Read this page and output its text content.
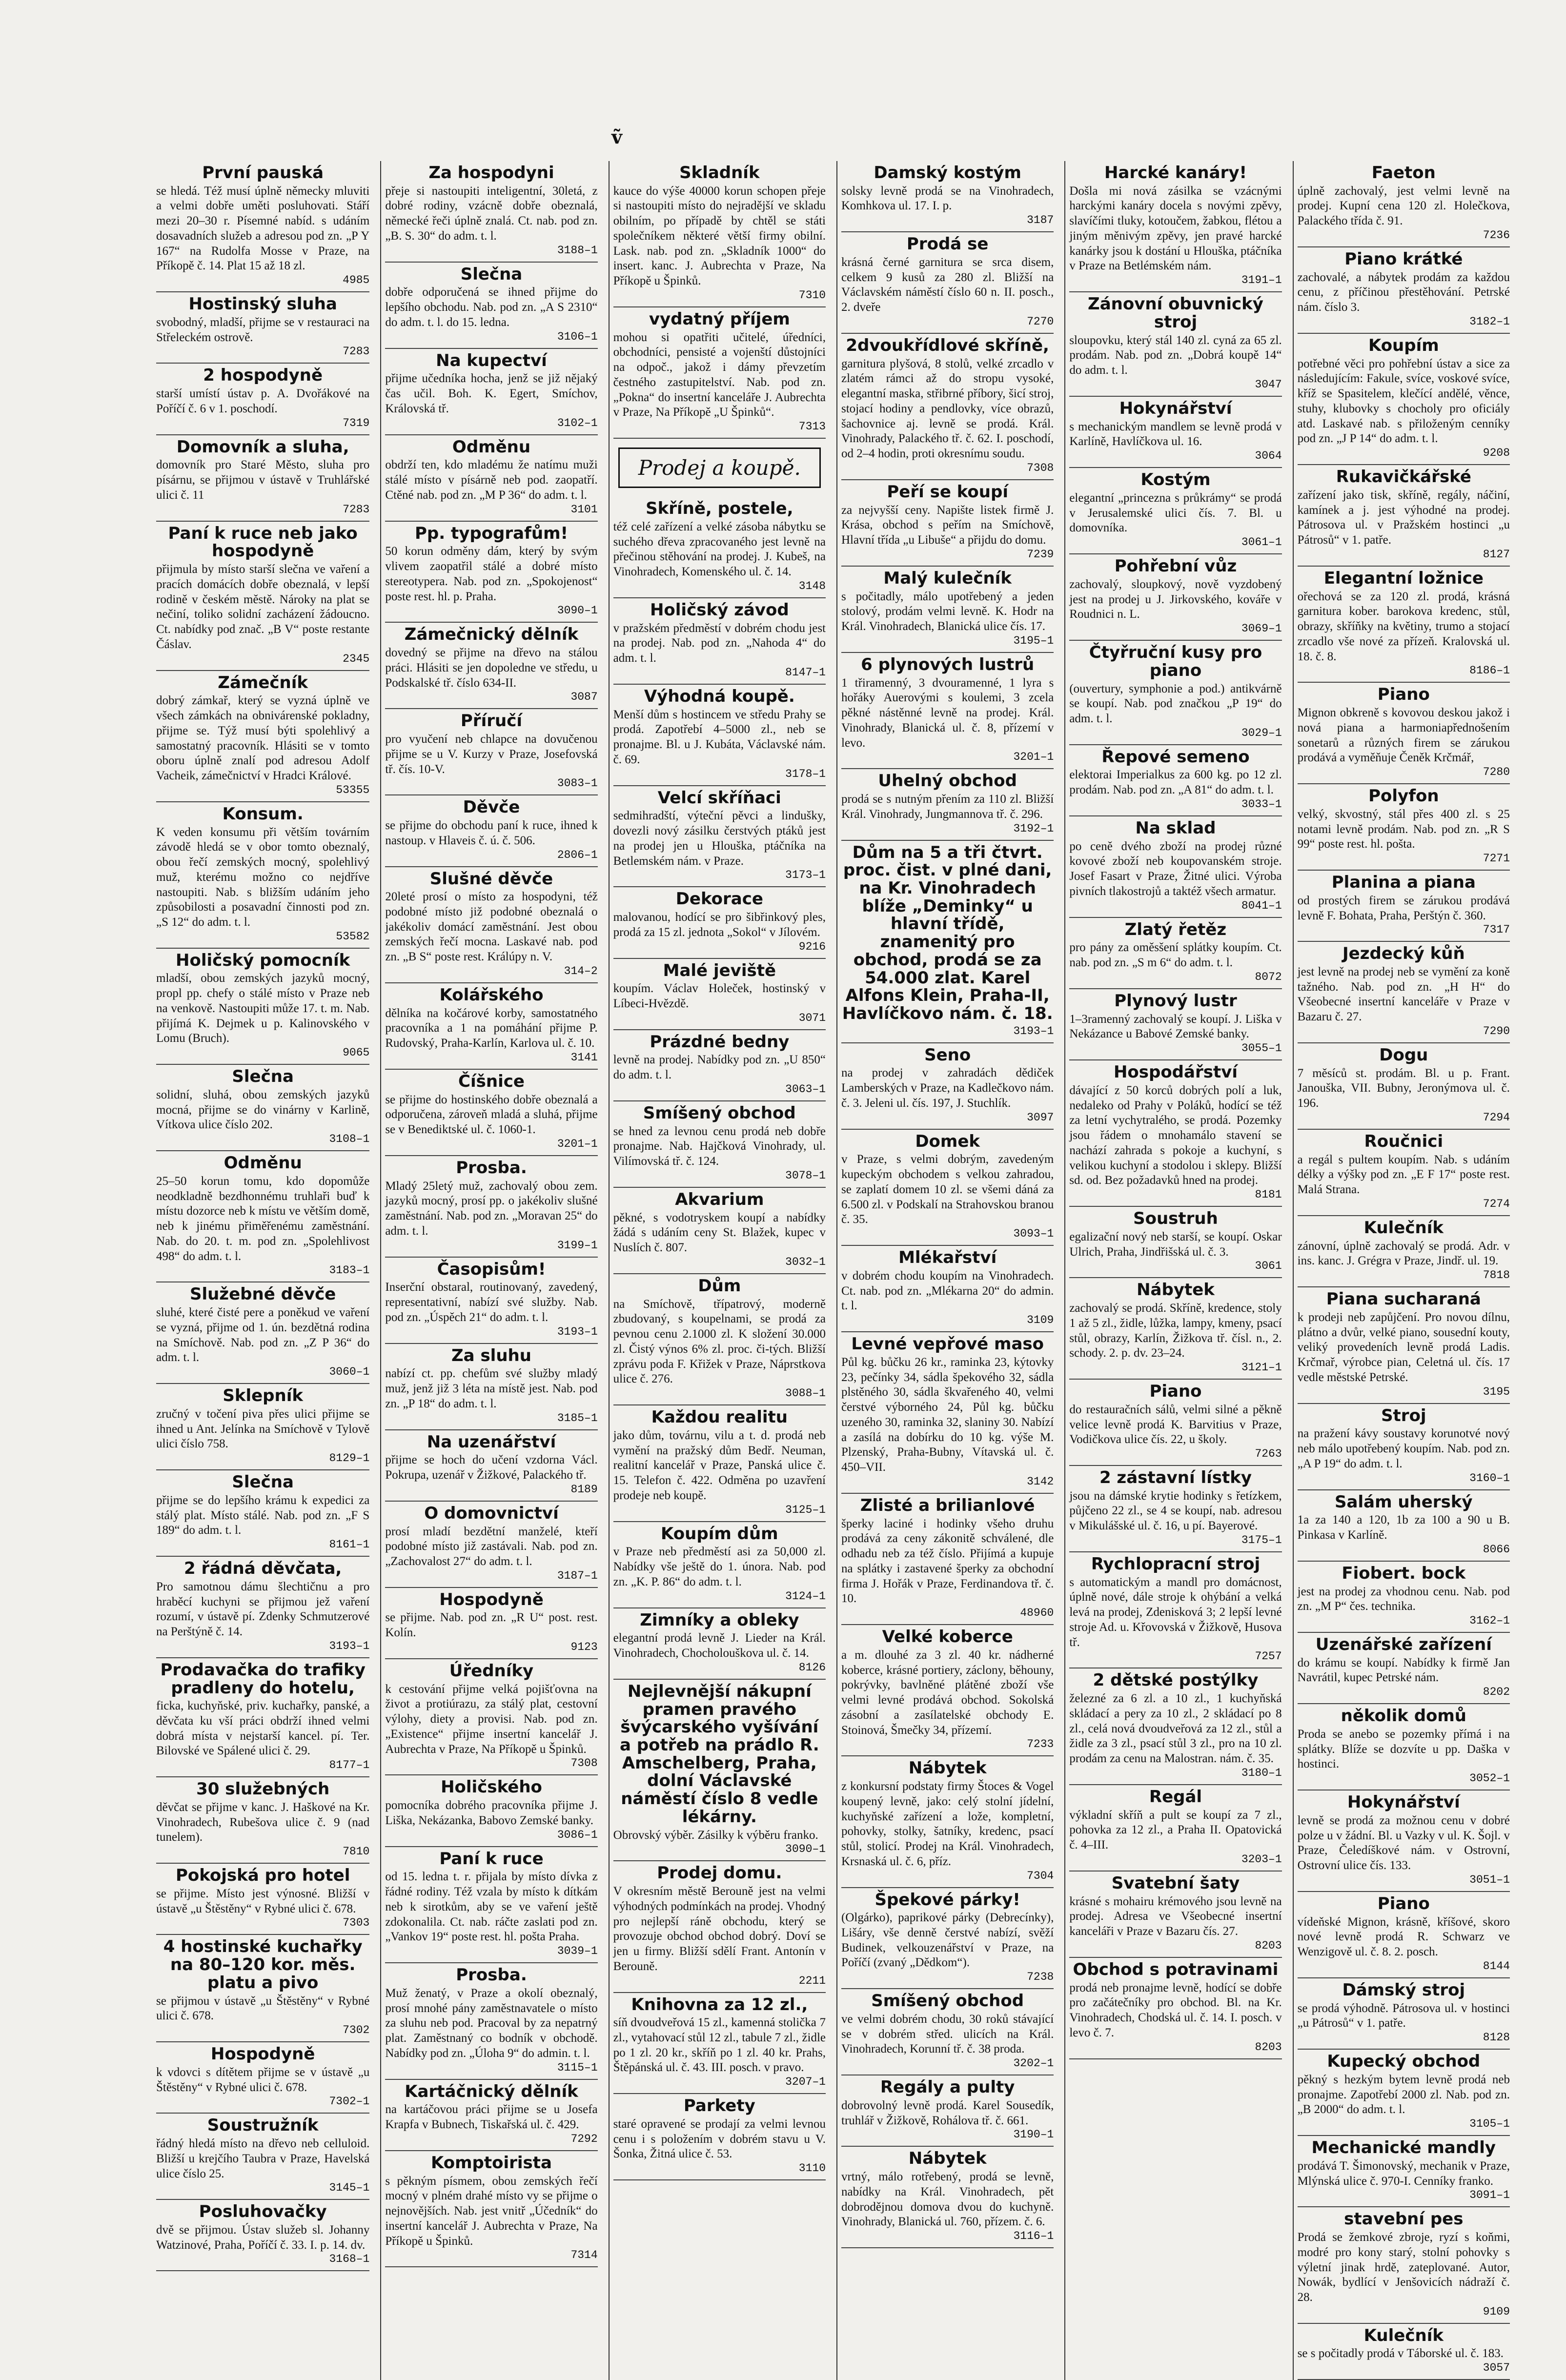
ṽ
První pauská

se hledá. Též musí úplně německy mluviti a velmi dobře uměti posluhovati. Stáří mezi 20–30 r. Písemné nabíd. s udáním dosavadních služeb a adresou pod zn. „P Y 167“ na Rudolfa Mosse v Praze, na Příkopě č. 14. Plat 15 až 18 zl.

4985
Hostinský sluha

svobodný, mladší, přijme se v restauraci na Střeleckém ostrově.

7283
2 hospodyně

starší umístí ústav p. A. Dvořákové na Poříčí č. 6 v 1. poschodí.

7319
Domovník a sluha,

domovník pro Staré Město, sluha pro písárnu, se přijmou v ústavě v Truhlářské ulici č. 11

7283
Paní k ruce neb jako hospodyně

přijmula by místo starší slečna ve vaření a pracích domácích dobře obeznalá, v lepší rodině v českém městě. Nároky na plat se nečiní, toliko solidní zacházení žádoucno. Ct. nabídky pod znač. „B V“ poste restante Čáslav.

2345
Zámečník

dobrý zámkař, který se vyzná úplně ve všech zámkách na obnivárenské pokladny, přijme se. Týž musí býti spolehlivý a samostatný pracovník. Hlásiti se v tomto oboru úplně znalí pod adresou Adolf Vacheik, zámečnictví v Hradci Králové.

53355
Konsum.

K veden konsumu při větším továrním závodě hledá se v obor tomto obeznalý, obou řečí zemských mocný, spolehlivý muž, kterému možno co nejdříve nastoupiti. Nab. s bližším udáním jeho způsobilosti a posavadní činnosti pod zn. „S 12“ do adm. t. l.

53582
Holičský pomocník

mladší, obou zemských jazyků mocný, propl pp. chefy o stálé místo v Praze neb na venkově. Nastoupiti může 17. t. m. Nab. přijímá K. Dejmek u p. Kalinovského v Lomu (Bruch).

9065
Slečna

solidní, sluhá, obou zemských jazyků mocná, přijme se do vinárny v Karlině, Vítkova ulice číslo 202.

3108–1
Odměnu

25–50 korun tomu, kdo dopomůže neodkladně bezdhonnému truhlaři buď k místu dozorce neb k místu ve větším domě, neb k jinému přiměřenému zaměstnání. Nab. do 20. t. m. pod zn. „Spolehlivost 498“ do adm. t. l.

3183–1
Služebné děvče

sluhé, které čisté pere a poněkud ve vaření se vyzná, přijme od 1. ún. bezdětná rodina na Smíchově. Nab. pod zn. „Z P 36“ do adm. t. l.

3060–1
Sklepník

zručný v točení piva přes ulici přijme se ihned u Ant. Jelínka na Smíchově v Tylově ulici číslo 758.

8129–1
Slečna

přijme se do lepšího krámu k expedici za stálý plat. Místo stálé. Nab. pod zn. „F S 189“ do adm. t. l.

8161–1
2 řádná děvčata,

Pro samotnou dámu šlechtičnu a pro hraběcí kuchyni se přijmou jež vaření rozumí, v ústavě pí. Zdenky Schmutzerové na Perštýně č. 14.

3193–1
Prodavačka do trafiky pradleny do hotelu,

ficka, kuchyňské, priv. kuchařky, panské, a děvčata ku vší práci obdrží ihned velmi dobrá místa v nejstarší kancel. pí. Ter. Bilovské ve Spálené ulici č. 29.

8177–1
30 služebných

děvčat se přijme v kanc. J. Haškové na Kr. Vinohradech, Rubešova ulice č. 9 (nad tunelem).

7810
Pokojská pro hotel

se přijme. Místo jest výnosné. Bližší v ústavě „u Štěstěny“ v Rybné ulici č. 678.

7303
4 hostinské kuchařky na 80–120 kor. měs. platu a pivo

se přijmou v ústavě „u Štěstěny“ v Rybné ulici č. 678.

7302
Hospodyně

k vdovci s dítětem přijme se v ústavě „u Štěstěny“ v Rybné ulici č. 678.

7302–1
Soustružník

řádný hledá místo na dřevo neb celluloid. Bližší u krejčího Taubra v Praze, Havelská ulice číslo 25.

3145–1
Posluhovačky

dvě se přijmou. Ústav služeb sl. Johanny Watzinové, Praha, Poříčí č. 33. I. p. 14. dv.

3168–1
Za hospodyni

přeje si nastoupiti inteligentní, 30letá, z dobré rodiny, vzácně dobře obeznalá, německé řeči úplně znalá. Ct. nab. pod zn. „B. S. 30“ do adm. t. l.

3188–1
Slečna

dobře odporučená se ihned přijme do lepšího obchodu. Nab. pod zn. „A S 2310“ do adm. t. l. do 15. ledna.

3106–1
Na kupectví

přijme učedníka hocha, jenž se již nějaký čas učil. Boh. K. Egert, Smíchov, Královská tř.

3102–1
Odměnu

obdrží ten, kdo mladému že natímu muži stálé místo v písárně neb pod. zaopatří. Ctěné nab. pod zn. „M P 36“ do adm. t. l.

3101
Pp. typografům!

50 korun odměny dám, který by svým vlivem zaopatřil stálé a dobré místo stereotypera. Nab. pod zn. „Spokojenost“ poste rest. hl. p. Praha.

3090–1
Zámečnický dělník

dovedný se přijme na dřevo na stálou práci. Hlásiti se jen dopoledne ve středu, u Podskalské tř. číslo 634-II.

3087
Příručí

pro vyučení neb chlapce na dovučenou přijme se u V. Kurzy v Praze, Josefovská tř. čís. 10-V.

3083–1
Děvče

se přijme do obchodu paní k ruce, ihned k nastoup. v Hlaveis č. ú. č. 506.

2806–1
Slušné děvče

20leté prosí o místo za hospodyni, též podobné místo již podobné obeznalá o jakékoliv domácí zaměstnání. Jest obou zemských řečí mocna. Laskavé nab. pod zn. „B S“ poste rest. Králúpy n. V.

314–2
Kolářského

dělníka na kočárové korby, samostatného pracovníka a 1 na pomáhání přijme P. Rudovský, Praha-Karlín, Karlova ul. č. 10.

3141
Číšnice

se přijme do hostinského dobře obeznalá a odporučena, zároveň mladá a sluhá, přijme se v Benediktské ul. č. 1060-1.

3201–1
Prosba.

Mladý 25letý muž, zachovalý obou zem. jazyků mocný, prosí pp. o jakékoliv slušné zaměstnání. Nab. pod zn. „Moravan 25“ do adm. t. l.

3199–1
Časopisům!

Inserční obstaral, routinovaný, zavedený, representativní, nabízí své služby. Nab. pod zn. „Úspěch 21“ do adm. t. l.

3193–1
Za sluhu

nabízí ct. pp. chefům své služby mladý muž, jenž již 3 léta na místě jest. Nab. pod zn. „P 18“ do adm. t. l.

3185–1
Na uzenářství

přijme se hoch do učení vzdorna Václ. Pokrupa, uzenář v Žižkové, Palackého tř.

8189
O domovnictví

prosí mladí bezdětní manželé, kteří podobné místo již zastávali. Nab. pod zn. „Zachovalost 27“ do adm. t. l.

3187–1
Hospodyně

se přijme. Nab. pod zn. „R U“ post. rest. Kolín.

9123
Úředníky

k cestování přijme velká pojišťovna na život a protiúrazu, za stálý plat, cestovní výlohy, diety a provisi. Nab. pod zn. „Existence“ přijme insertní kancelář J. Aubrechta v Praze, Na Příkopě u Špinků.

7308
Holičského

pomocníka dobrého pracovníka přijme J. Liška, Nekázanka, Babovo Zemské banky.

3086–1
Paní k ruce

od 15. ledna t. r. přijala by místo dívka z řádné rodiny. Též vzala by místo k dítkám neb k sirotkům, aby se ve vaření ještě zdokonalila. Ct. nab. ráčte zaslati pod zn. „Vankov 19“ poste rest. hl. pošta Praha.

3039–1
Prosba.

Muž ženatý, v Praze a okolí obeznalý, prosí mnohé pány zaměstnavatele o místo za sluhu neb pod. Pracoval by za nepatrný plat. Zaměstnaný co bodník v obchodě. Nabídky pod zn. „Úloha 9“ do admin. t. l.

3115–1
Kartáčnický dělník

na kartáčovou práci přijme se u Josefa Krapfa v Bubnech, Tiskařská ul. č. 429.

7292
Komptoiristа

s pěkným písmem, obou zemských řečí mocný v plném drahé místo vy se přijme o nejnovějších. Nab. jest vnitř „Účedník“ do insertní kancelář J. Aubrechta v Praze, Na Příkopě u Špinků.

7314
Skladník

kauce do výše 40000 korun schopen přeje si nastoupiti místo do nejradější ve skladu obilním, po případě by chtěl se státi společníkem některé větší firmy obilní. Lask. nab. pod zn. „Skladník 1000“ do insert. kanc. J. Aubrechta v Praze, Na Příkopě u Špinků.

7310
vydatný příjem

mohou si opatřiti učitelé, úředníci, obchodníci, pensisté a vojenští důstojníci na odpoč., jakož i dámy převzetím čestného zastupitelství. Nab. pod zn. „Pokna“ do insertní kanceláře J. Aubrechta v Praze, Na Příkopě „U Špinků“.

7313
Prodej a koupě.
Skříně, postele,

též celé zařízení a velké zásoba nábytku se suchého dřeva zpracovaného jest levně na přečinou stěhování na prodej. J. Kubeš, na Vinohradech, Komenského ul. č. 14.

3148
Holičský závod

v pražském předměstí v dobrém chodu jest na prodej. Nab. pod zn. „Nahoda 4“ do adm. t. l.

8147–1
Výhodná koupě.

Menší dům s hostincem ve středu Prahy se prodá. Zapotřebí 4–5000 zl., neb se pronajme. Bl. u J. Kubáta, Václavské nám. č. 69.

3178–1
Velcí skříňaci

sedmihradští, výteční pěvci a lindušky, dovezli nový zásilku čerstvých ptáků jest na prodej jen u Hlouška, ptáčníka na Betlemském nám. v Praze.

3173–1
Dekorace

malovanou, hodící se pro šibřinkový ples, prodá za 15 zl. jednota „Sokol“ v Jílovém.

9216
Malé jeviště

koupím. Václav Holeček, hostinský v Líbeci-Hvězdě.

3071
Prázdné bedny

levně na prodej. Nabídky pod zn. „U 850“ do adm. t. l.

3063–1
Smíšený obchod

se hned za levnou cenu prodá neb dobře pronajme. Nab. Hajčková Vinohrady, ul. Vilímovská tř. č. 124.

3078–1
Akvarium

pěkné, s vodotryskem koupí a nabídky žádá s udáním ceny St. Blažek, kupec v Nuslích č. 807.

3032–1
Dům

na Smíchově, třípatrový, moderně zbudovaný, s koupelnami, se prodá za pevnou cenu 2.1000 zl. K složení 30.000 zl. Čistý výnos 6% zl. proc. či-tých. Bližší zprávu poda F. Křižek v Praze, Náprstkova ulice č. 276.

3088–1
Každou realitu

jako dům, továrnu, vilu a t. d. prodá neb vymění na pražský dům Bedř. Neuman, realitní kancelář v Praze, Panská ulice č. 15. Telefon č. 422. Odměna po uzavření prodeje neb koupě.

3125–1
Koupím dům

v Praze neb předměstí asi za 50,000 zl. Nabídky vše ještě do 1. února. Nab. pod zn. „K. P. 86“ do adm. t. l.

3124–1
Zimníky a obleky

elegantní prodá levně J. Lieder na Král. Vinohradech, Chocholouškova ul. č. 14.

8126
Nejlevnější nákupní pramen pravého švýcarského vyšívání a potřeb na prádlo R. Amschelberg, Praha, dolní Václavské náměstí číslo 8 vedle lékárny.

Obrovský výběr. Zásilky k výběru franko.

3090–1
Prodej domu.

V okresním městě Berouně jest na velmi výhodných podmínkách na prodej. Vhodný pro nejlepší ráně obchodu, který se provozuje obchod obchod dobrý. Doví se jen u firmy. Bližší sdělí Frant. Antonín v Berouně.

2211
Knihovna za 12 zl.,

síň dvoudveřová 15 zl., kamenná stolička 7 zl., vytahovací stůl 12 zl., tabule 7 zl., židle po 1 zl. 20 kr., skříň po 1 zl. 40 kr. Prahs, Štěpánská ul. č. 43. III. posch. v pravo.

3207–1
Parkety

staré opravené se prodají za velmi levnou cenu i s položením v dobrém stavu u V. Šonka, Žitná ulice č. 53.

3110
Damský kostým

solsky levně prodá se na Vinohradech, Komhkova ul. 17. I. p.

3187
Prodá se

krásná černé garnitura se srca disem, celkem 9 kusů za 280 zl. Bližší na Václavském náměstí číslo 60 n. II. posch., 2. dveře

7270
2dvoukřídlové skříně,

garnitura plyšová, 8 stolů, velké zrcadlo v zlatém rámci až do stropu vysoké, elegantní maska, střibrné příbory, šicí stroj, stojací hodiny a pendlovky, více obrazů, šachovnice aj. levně se prodá. Král. Vinohrady, Palackého tř. č. 62. I. poschodí, od 2–4 hodin, proti okresnímu soudu.

7308
Peří se koupí

za nejvyšší ceny. Napište listek firmě J. Krása, obchod s peřím na Smíchově, Hlavní třída „u Libuše“ a přijdu do domu.

7239
Malý kulečník

s počitadly, málo upotřebený a jeden stolový, prodám velmi levně. K. Hodr na Král. Vinohradech, Blanická ulice čís. 17.

3195–1
6 plynových lustrů

1 třiramenný, 3 dvouramenné, 1 lyra s hořáky Auerovými s koulemi, 3 zcela pěkné nástěnné levně na prodej. Král. Vinohrady, Blanická ul. č. 8, přízemí v levo.

3201–1
Uhelný obchod

prodá se s nutným přením za 110 zl. Bližší Král. Vinohrady, Jungmannova tř. č. 296.

3192–1
Dům na 5 a tři čtvrt. proc. čist. v plné dani, na Kr. Vinohradech blíže „Deminky“ u hlavní třídě, znamenitý pro obchod, prodá se za 54.000 zlat. Karel Alfons Klein, Praha-II, Havlíčkovo nám. č. 18.
3193–1
Seno

na prodej v zahradách dědiček Lamberských v Praze, na Kadlečkovo nám. č. 3. Jeleni ul. čís. 197, J. Stuchlík.

3097
Domek

v Praze, s velmi dobrým, zavedeným kupeckým obchodem s velkou zahradou, se zaplatí domem 10 zl. se všemi dáná za 6.500 zl. v Podskalí na Strahovskou branou č. 35.

3093–1
Mlékařství

v dobrém chodu koupím na Vinohradech. Ct. nab. pod zn. „Mlékarna 20“ do admin. t. l.

3109
Levné vepřové maso

Půl kg. bůčku 26 kr., raminka 23, kýtovky 23, pečínky 34, sádla špekového 32, sádla plstěného 30, sádla škvařeného 40, velmi čerstvé výborného 24, Půl kg. bůčku uzeného 30, raminka 32, slaniny 30. Nabízí a zasílá na dobírku do 10 kg. výše M. Plzenský, Praha-Bubny, Vítavská ul. č. 450–VII.

3142
Zlisté a brilianlové

šperky laciné i hodinky všeho druhu prodává za ceny zákonitě schválené, dle odhadu neb za též číslo. Přijímá a kupuje na splátky i zastavené šperky za obchodní firma J. Hořák v Praze, Ferdinandova tř. č. 10.

48960
Velké koberce

a m. dlouhé za 3 zl. 40 kr. nádherné koberce, krásné portiery, záclony, běhouny, pokrývky, bavlněné plátěné zboží vše velmi levné prodává obchod. Sokolská zásobní a zasílatelské obchody E. Stoinová, Šmečky 34, přízemí.

7233
Nábytek

z konkursní podstaty firmy Štoces & Vogel koupený levně, jako: celý stolní jídelní, kuchyňské zařízení a lože, kompletní, pohovky, stolky, šatníky, kredenc, psací stůl, stolicí. Prodej na Král. Vinohradech, Krsnaská ul. č. 6, příz.

7304
Špekové párky!

(Olgárko), paprikové párky (Debrecínky), Lišáry, vše denně čerstvé nabízí, svěží Budinek, velkouzenářství v Praze, na Poříčí (zvaný „Dědkom“).

7238
Smíšený obchod

ve velmi dobrém chodu, 30 roků stávající se v dobrém střed. ulicích na Král. Vinohradech, Korunní tř. č. 38 proda.

3202–1
Regály a pulty

dobrovolný levně prodá. Karel Sousedík, truhlář v Žižkově, Rohálova tř. č. 661.

3190–1
Nábytek

vrtný, málo rotřebený, prodá se levně, nabídky na Král. Vinohradech, pět dobrodějnou domova dvou do kuchyně. Vinohrady, Blanická ul. 760, přízem. č. 6.

3116–1
Harcké kanáry!

Došla mi nová zásilka se vzácnými harckými kanáry docela s novými zpěvy, slavíčími tluky, kotoučem, žabkou, flétou a jiným měnivým zpěvy, jen pravé harcké kanárky jsou k dostání u Hlouška, ptáčníka v Praze na Betlémském nám.

3191–1
Zánovní obuvnický stroj

sloupovku, který stál 140 zl. cyná za 65 zl. prodám. Nab. pod zn. „Dobrá koupě 14“ do adm. t. l.

3047
Hokynářství

s mechanickým mandlem se levně prodá v Karlíně, Havlíčkova ul. 16.

3064
Kostým

elegantní „princezna s průkrámy“ se prodá v Jerusalemské ulici čís. 7. Bl. u domovníka.

3061–1
Pohřební vůz

zachovalý, sloupkový, nově vyzdobený jest na prodej u J. Jirkovského, kováře v Roudnici n. L.

3069–1
Čtyřruční kusy pro piano

(ouvertury, symphonie a pod.) antikvárně se koupí. Nab. pod značkou „P 19“ do adm. t. l.

3029–1
Řepové semeno

elektorai Imperialkus za 600 kg. po 12 zl. prodám. Nab. pod zn. „A 81“ do adm. t. l.

3033–1
Na sklad

po ceně dvého zboží na prodej různé kovové zboží neb koupovanském stroje. Josef Fasart v Praze, Žitné ulici. Výroba pivních tlakostrojů a taktéž všech armatur.

8041–1
Zlatý řetěz

pro pány za oměsšení splátky koupím. Ct. nab. pod zn. „S m 6“ do adm. t. l.

8072
Plynový lustr

1–3ramenný zachovalý se koupí. J. Liška v Nekázance u Babové Zemské banky.

3055–1
Hospodářství

dávající z 50 korců dobrých polí a luk, nedaleko od Prahy v Poláků, hodící se též za letní vychytralého, se prodá. Pozemky jsou řádem o mnohamálo stavení se nachází zahrada s pokoje a kuchyní, s velikou kuchyní a stodolou i sklepy. Bližší sd. od. Bez požadavků hned na prodej.

8181
Soustruh

egalizační nový neb starší, se koupí. Oskar Ulrich, Praha, Jindřišská ul. č. 3.

3061
Nábytek

zachovalý se prodá. Skříně, kredence, stoly 1 až 5 zl., židle, lůžka, lampy, kmeny, psací stůl, obrazy, Karlín, Žižkova tř. čísl. n., 2. schody. 2. p. dv. 23–24.

3121–1
Piano

do restauračních sálů, velmi silné a pěkně velice levně prodá K. Barvitius v Praze, Vodičkova ulice čís. 22, u školy.

7263
2 zástavní lístky

jsou na dámské krytie hodinky s řetízkem, půjčeno 22 zl., se 4 se koupí, nab. adresou v Mikulášské ul. č. 16, u pí. Bayerové.

3175–1
Rychlopracní stroj

s automatickým a mandl pro domácnost, úplně nové, dále stroje k ohýbání a velká levá na prodej, Zdenisková 3; 2 lepší levné stroje Ad. u. Křovovská v Žižkově, Husova tř.

7257
2 dětské postýlky

železné za 6 zl. a 10 zl., 1 kuchyňská skládací a pery za 10 zl., 2 skládací po 8 zl., celá nová dvoudveřová za 12 zl., stůl a židle za 3 zl., psací stůl 3 zl., pro na 10 zl. prodám za cenu na Malostran. nám. č. 35.

3180–1
Regál

výkladní skříň a pult se koupí za 7 zl., pohovka za 12 zl., a Praha II. Opatovická č. 4–III.

3203–1
Svatební šaty

krásné s mohairu krémového jsou levně na prodej. Adresa ve Všeobecné insertní kanceláři v Praze v Bazaru čís. 27.

8203
Obchod s potravinami

prodá neb pronajme levně, hodící se dobře pro začátečníky pro obchod. Bl. na Kr. Vinohradech, Chodská ul. č. 14. I. posch. v levo č. 7.

8203
Faeton

úplně zachovalý, jest velmi levně na prodej. Kupní cena 120 zl. Holečkova, Palackého třída č. 91.

7236
Piano krátké

zachovalé, a nábytek prodám za každou cenu, z příčinou přestěhování. Petrské nám. číslo 3.

3182–1
Koupím

potřebné věci pro pohřební ústav a sice za následujícím: Fakule, svíce, voskové svíce, kříž se Spasitelem, klečící andělé, věnce, stuhy, klubovky s chocholy pro oficiály atd. Laskavé nab. s přiloženým cenníky pod zn. „J P 14“ do adm. t. l.

9208
Rukavičkářské

zařízení jako tisk, skříně, regály, náčiní, kamínek a j. jest výhodné na prodej. Pátrosova ul. v Pražském hostinci „u Pátrosů“ v 1. patře.

8127
Elegantní ložnice

ořechová se za 120 zl. prodá, krásná garnitura kober. barokova kredenc, stůl, obrazy, skříňky na květiny, trumo a stojací zrcadlo vše nové za přízeň. Kralovská ul. 18. č. 8.

8186–1
Piano

Mignon obkreně s kovovou deskou jakož i nová piana a harmoniapřednošením sonetarů a různých firem se zárukou prodává a vyměňuje Čeněk Krčmář,

7280
Polyfon

velký, skvostný, stál přes 400 zl. s 25 notami levně prodám. Nab. pod zn. „R S 99“ poste rest. hl. pošta.

7271
Planina a piana

od prostých firem se zárukou prodává levně F. Bohata, Praha, Perštýn č. 360.

7317
Jezdecký kůň

jest levně na prodej neb se vymění za koně tažného. Nab. pod zn. „H H“ do Všeobecné insertní kanceláře v Praze v Bazaru č. 27.

7290
Dogu

7 měsíců st. prodám. Bl. u p. Frant. Janouška, VII. Bubny, Jeronýmova ul. č. 196.

7294
Roučnici

a regál s pultem koupím. Nab. s udáním délky a výšky pod zn. „E F 17“ poste rest. Malá Strana.

7274
Kulečník

zánovní, úplně zachovalý se prodá. Adr. v ins. kanc. J. Grégra v Praze, Jindř. ul. 19.

7818
Piana sucharaná

k prodeji neb zapůjčení. Pro novou dílnu, plátno a dvůr, velké piano, sousední kouty, veliký provedeních levně prodá Ladis. Krčmař, výrobce pian, Celetná ul. čís. 17 vedle městské Petrské.

3195
Stroj

na pražení kávy soustavy korunotvé nový neb málo upotřebený koupím. Nab. pod zn. „A P 19“ do adm. t. l.

3160–1
Salám uherský

1a za 140 a 120, 1b za 100 a 90 u B. Pinkasa v Karlíně.

8066
Fiobert. bock

jest na prodej za vhodnou cenu. Nab. pod zn. „M P“ čes. technika.

3162–1
Uzenářské zařízení

do krámu se koupí. Nabídky k firmě Jan Navrátil, kupec Petrské nám.

8202
několik domů

Proda se anebo se pozemky přímá i na splátky. Blíže se dozvíte u pp. Daška v hostinci.

3052–1
Hokynářství

levně se prodá za možnou cenu v dobré polze u v žádní. Bl. u Vazky v ul. K. Šojl. v Praze, Čeledíškové nám. v Ostrovní, Ostrovní ulice čís. 133.

3051–1
Piano

vídeňské Mignon, krásně, kříšové, skoro nové levně prodá R. Schwarz ve Wenzigově ul. č. 8. 2. posch.

8144
Dámský stroj

se prodá výhodně. Pátrosova ul. v hostinci „u Pátrosů“ v 1. patře.

8128
Kupecký obchod

pěkný s hezkým bytem levně prodá neb pronajme. Zapotřebí 2000 zl. Nab. pod zn. „B 2000“ do adm. t. l.

3105–1
Mechanické mandly

prodává T. Šimonovský, mechanik v Praze, Mlýnská ulice č. 970-I. Cenníky franko.

3091–1
stavební pes

Prodá se žemkové zbroje, ryzí s koňmi, modré pro kony starý, stolní pohovky s výletní jinak hrdě, zateplované. Autor, Nowák, bydlící v Jenšovicích nádraží č. 28.

9109
Kulečník

se s počitadly prodá v Táborské ul. č. 183.

3057
